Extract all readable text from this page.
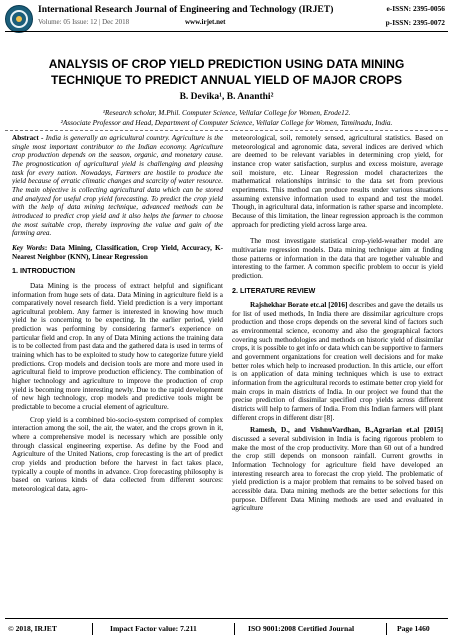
International Research Journal of Engineering and Technology (IRJET)
Volume: 05 Issue: 12 | Dec 2018	www.irjet.net
e-ISSN: 2395-0056
p-ISSN: 2395-0072
ANALYSIS OF CROP YIELD PREDICTION USING DATA MINING
TECHNIQUE TO PREDICT ANNUAL YIELD OF MAJOR CROPS
B. Devika¹, B. Ananthi²
¹Research scholar, M.Phil. Computer Science, Vellalar College for Women, Erode12.
²Associate Professor and Head, Department of Computer Science, Vellalar College for Women, Tamilnadu, India.

Abstract - India is generally an agricultural country. Agriculture is the single most important contributor to the Indian economy. Agriculture crop production depends on the season, organic, and monetary cause. The prognostication of agricultural yield is challenging and pleasing task for every nation. Nowadays, Farmers are hostile to produce the yield because of erratic climatic changes and scarcity of water resource. The main objective is collecting agricultural data which can be stored and analyzed for useful crop yield forecasting. To predict the crop yield with the help of data mining technique, advanced methods can be introduced to predict crop yield and it also helps the farmer to choose the most suitable crop, thereby improving the value and gain of the farming area.

Key Words: Data Mining, Classification, Crop Yield, Accuracy, K-Nearest Neighbor (KNN), Linear Regression

1. INTRODUCTION

Data Mining is the process of extract helpful and significant information from huge sets of data. Data Mining in agriculture field is a comparatively novel research field. Yield prediction is a very important agricultural problem. Any farmer is interested in knowing how much yield he is concerning to be expecting. In the earlier period, yield prediction was performing by considering farmer's experience on particular field and crop. In any of Data Mining actions the training data is to be collected from past data and the gathered data is used in terms of training which has to be exploited to study how to categorize future yield predictions. Crop models and decision tools are more and more used in agricultural field to improve production efficiency. The combination of higher technology and agriculture to improve the production of crop yield is becoming more interesting newly. Due to the rapid development of new high technology, crop models and predictive tools might be predictable to become a crucial element of agriculture.

Crop yield is a combined bio-socio-system comprised of complex interaction among the soil, the air, the water, and the crops grown in it, where a comprehensive model is necessary which are possible only through classical engineering expertise. As define by the Food and Agriculture of the United Nations, crop forecasting is the art of predict crop yields and production before the harvest in fact takes place, typically a couple of months in advance. Crop forecasting philosophy is based on various kinds of data collected from different sources: meteorological data, agro-

meteorological, soil, remotely sensed, agricultural statistics. Based on meteorological and agronomic data, several indices are derived which are deemed to be relevant variables in determining crop yield, for instance crop water satisfaction, surplus and excess moisture, average soil moisture, etc. Linear Regression model characterizes the mathematical relationships intrinsic to the data set from previous experiments. This method can produce results under various situations assuming extensive information used to expand and test the model. Though, in agricultural data, information is rather sparse and incomplete. Because of this limitation, the linear regression approach is the common approach for predicting yield across large area.

The most investigate statistical crop-yield-weather model are multivariate regression models. Data mining technique aim at finding those patterns or information in the data that are together valuable and interesting to the farmer. A common specific problem to occur is yield prediction.

2. LITERATURE REVIEW

Rajshekhar Borate etc.al [2016] describes and gave the details us for list of used methods, In India there are dissimilar agriculture crops production and those crops depends on the several kind of factors such as environmental science, economy and also the geographical factors covering such methodologies and methods on historic yield of dissimilar crops, it is possible to get info or data which can be supportive to farmers and government organizations for creation well decisions and for make better roles which help to increased production. In this article, our effort is on application of data mining techniques which is use to extract information from the agricultural records to estimate better crop yield for main crops in main districts of India. In our project we found that the precise prediction of dissimilar specified crop yields across different districts will help to farmers of India. From this Indian farmers will plant different crops in different distr [8].

Ramesh, D., and VishnuVardhan, B.,Agrarian et.al [2015] discussed a several subdivision in India is facing rigorous problem to make the most of the crop productivity. More than 60 out of a hundred the crop still depends on monsoon rainfall. Current growths in Information Technology for agriculture field have developed an interesting research area to forecast the crop yield. The problematic of yield prediction is a major problem that remains to be solved based on accessible data. Data mining methods are the better selections for this purpose. Different Data Mining methods are used and evaluated in agriculture

© 2018, IRJET	Impact Factor value: 7.211	ISO 9001:2008 Certified Journal	Page 1460
